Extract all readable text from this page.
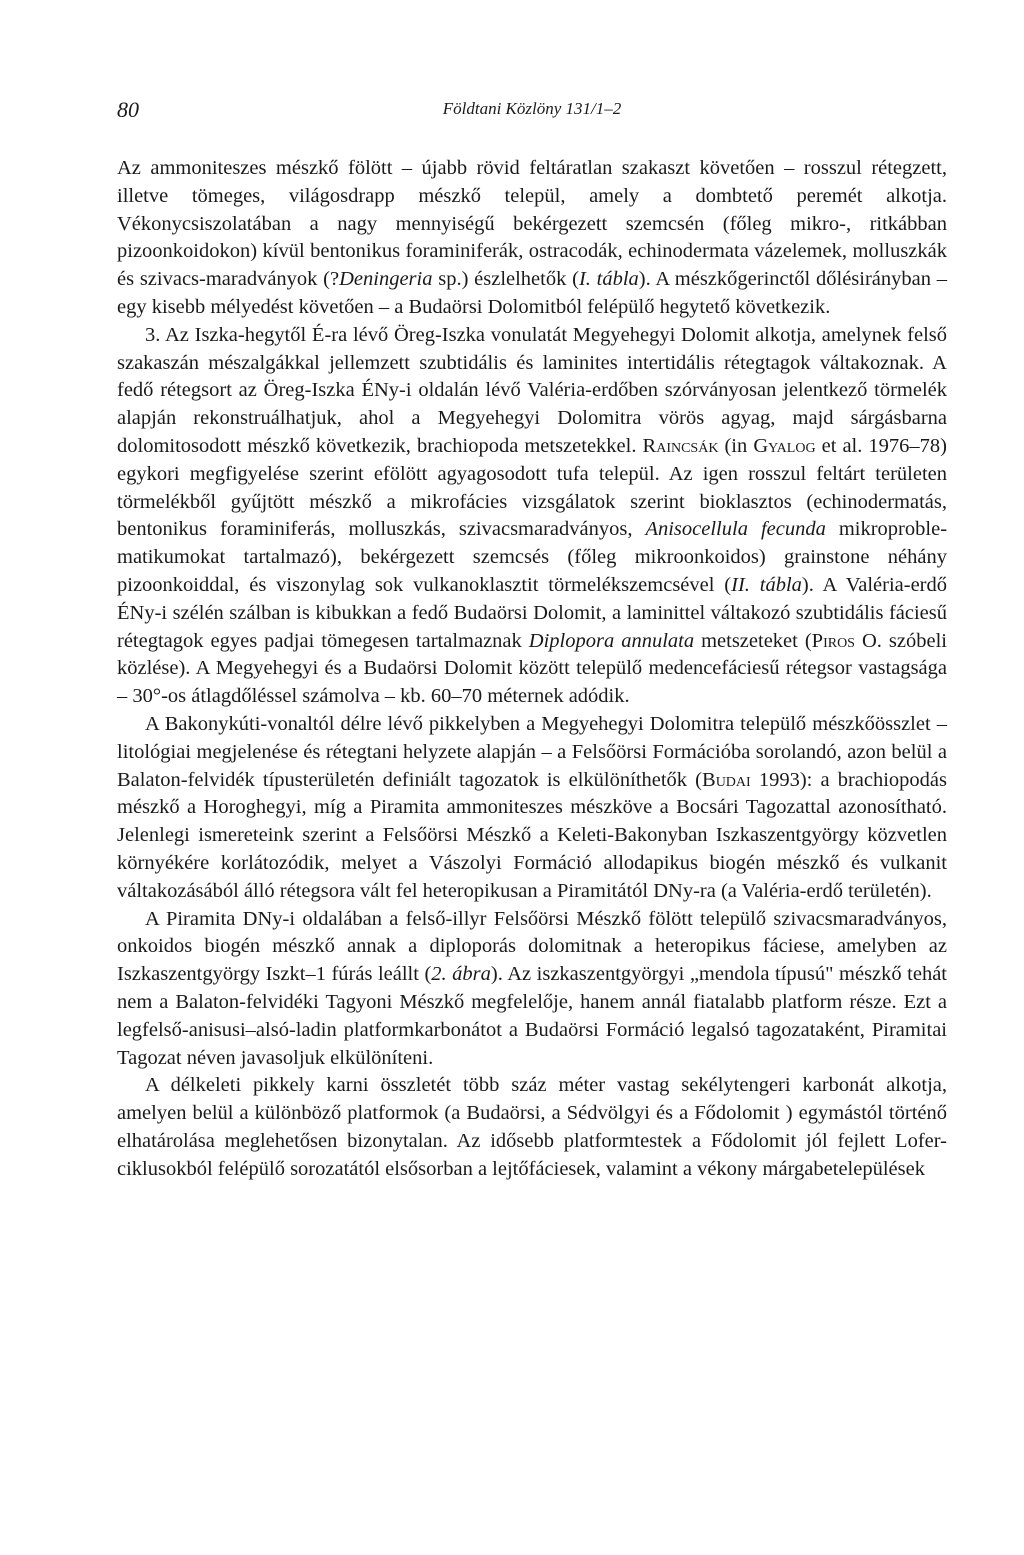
80	Földtani Közlöny 131/1–2

Az ammoniteszes mészkő fölött – újabb rövid feltáratlan szakaszt követően – rosszul rétegzett, illetve tömeges, világosdrapp mészkő települ, amely a dombtető peremét alkotja. Vékonycsiszolatában a nagy mennyiségű bekérgezett szemcsén (főleg mikro-, ritkábban pizoonkoidokon) kívül bentonikus foraminiferák, ostracodák, echinodermata vázelemek, molluszkák és szivacs-maradványok (?Deningeria sp.) észlelhetők (I. tábla). A mészkőgerinctől dőlésirányban – egy kisebb mélyedést követően – a Budaörsi Dolomitból felépülő hegytető következik.

3. Az Iszka-hegytől É-ra lévő Öreg-Iszka vonulatát Megyehegyi Dolomit alkotja, amelynek felső szakaszán mészalgákkal jellemzett szubtidális és laminites intertidális rétegtagok váltakoznak. A fedő rétegsort az Öreg-Iszka ÉNy-i oldalán lévő Valéria-erdőben szórványosan jelentkező törmelék alapján rekonstruálhatjuk, ahol a Megyehegyi Dolomitra vörös agyag, majd sárgásbarna dolomitosodott mészkő következik, brachiopoda metszetekkel. Raincsák (in Gyalog et al. 1976–78) egykori megfigyelése szerint efölött agyagosodott tufa települ. Az igen rosszul feltárt területen törmelékből gyűjtött mészkő a mikrofácies vizsgálatok szerint bioklasztos (echinodermatás, bentonikus foraminiferás, molluszkás, szivacsmaradványos, Anisocellula fecunda mikroproblematikumokat tartalmazó), bekérgezett szemcsés (főleg mikroonkoidos) grainstone néhány pizoonkoiddal, és viszonylag sok vulkanoklasztit törmelékszemcsével (II. tábla). A Valéria-erdő ÉNy-i szélén szálban is kibukkan a fedő Budaörsi Dolomit, a laminittel váltakozó szubtidális fáciesű rétegtagok egyes padjai tömegesen tartalmaznak Diplopora annulata metszeteket (Piros O. szóbeli közlése). A Megyehegyi és a Budaörsi Dolomit között települő medencefáciesű rétegsor vastagsága – 30°-os átlagdőléssel számolva – kb. 60–70 méternek adódik.

A Bakonykúti-vonaltól délre lévő pikkelyben a Megyehegyi Dolomitra települő mészkőösszlet – litológiai megjelenése és rétegtani helyzete alapján – a Felsőörsi Formációba sorolandó, azon belül a Balaton-felvidék típusterületén definiált tagozatok is elkülöníthetők (Budai 1993): a brachiopodás mészkő a Horoghegyi, míg a Piramita ammoniteszes mészköve a Bocsári Tagozattal azonosítható. Jelenlegi ismereteink szerint a Felsőörsi Mészkő a Keleti-Bakonyban Iszkaszentgyörgy közvetlen környékére korlátozódik, melyet a Vászolyi Formáció allodapikus biogén mészkő és vulkanit váltakozásából álló rétegsora vált fel heteropikusan a Piramitától DNy-ra (a Valéria-erdő területén).

A Piramita DNy-i oldalában a felső-illyr Felsőörsi Mészkő fölött települő szivacsmaradványos, onkoidos biogén mészkő annak a diploporás dolomitnak a heteropikus fáciese, amelyben az Iszkaszentgyörgy Iszkt–1 fúrás leállt (2. ábra). Az iszkaszentgyörgyi „mendola típusú" mészkő tehát nem a Balaton-felvidéki Tagyoni Mészkő megfelelője, hanem annál fiatalabb platform része. Ezt a legfelső-anisusi–alsó-ladin platformkarbonátot a Budaörsi Formáció legalsó tagozataként, Piramitai Tagozat néven javasoljuk elkülöníteni.

A délkeleti pikkely karni összletét több száz méter vastag sekélytengeri karbonát alkotja, amelyen belül a különböző platformok (a Budaörsi, a Sédvölgyi és a Fődolomit ) egymástól történő elhatárolása meglehetősen bizonytalan. Az idősebb platformtestek a Fődolomit jól fejlett Lofer-ciklusokból felépülő sorozatától elsősorban a lejtőfáciesek, valamint a vékony márgabetelepülések
